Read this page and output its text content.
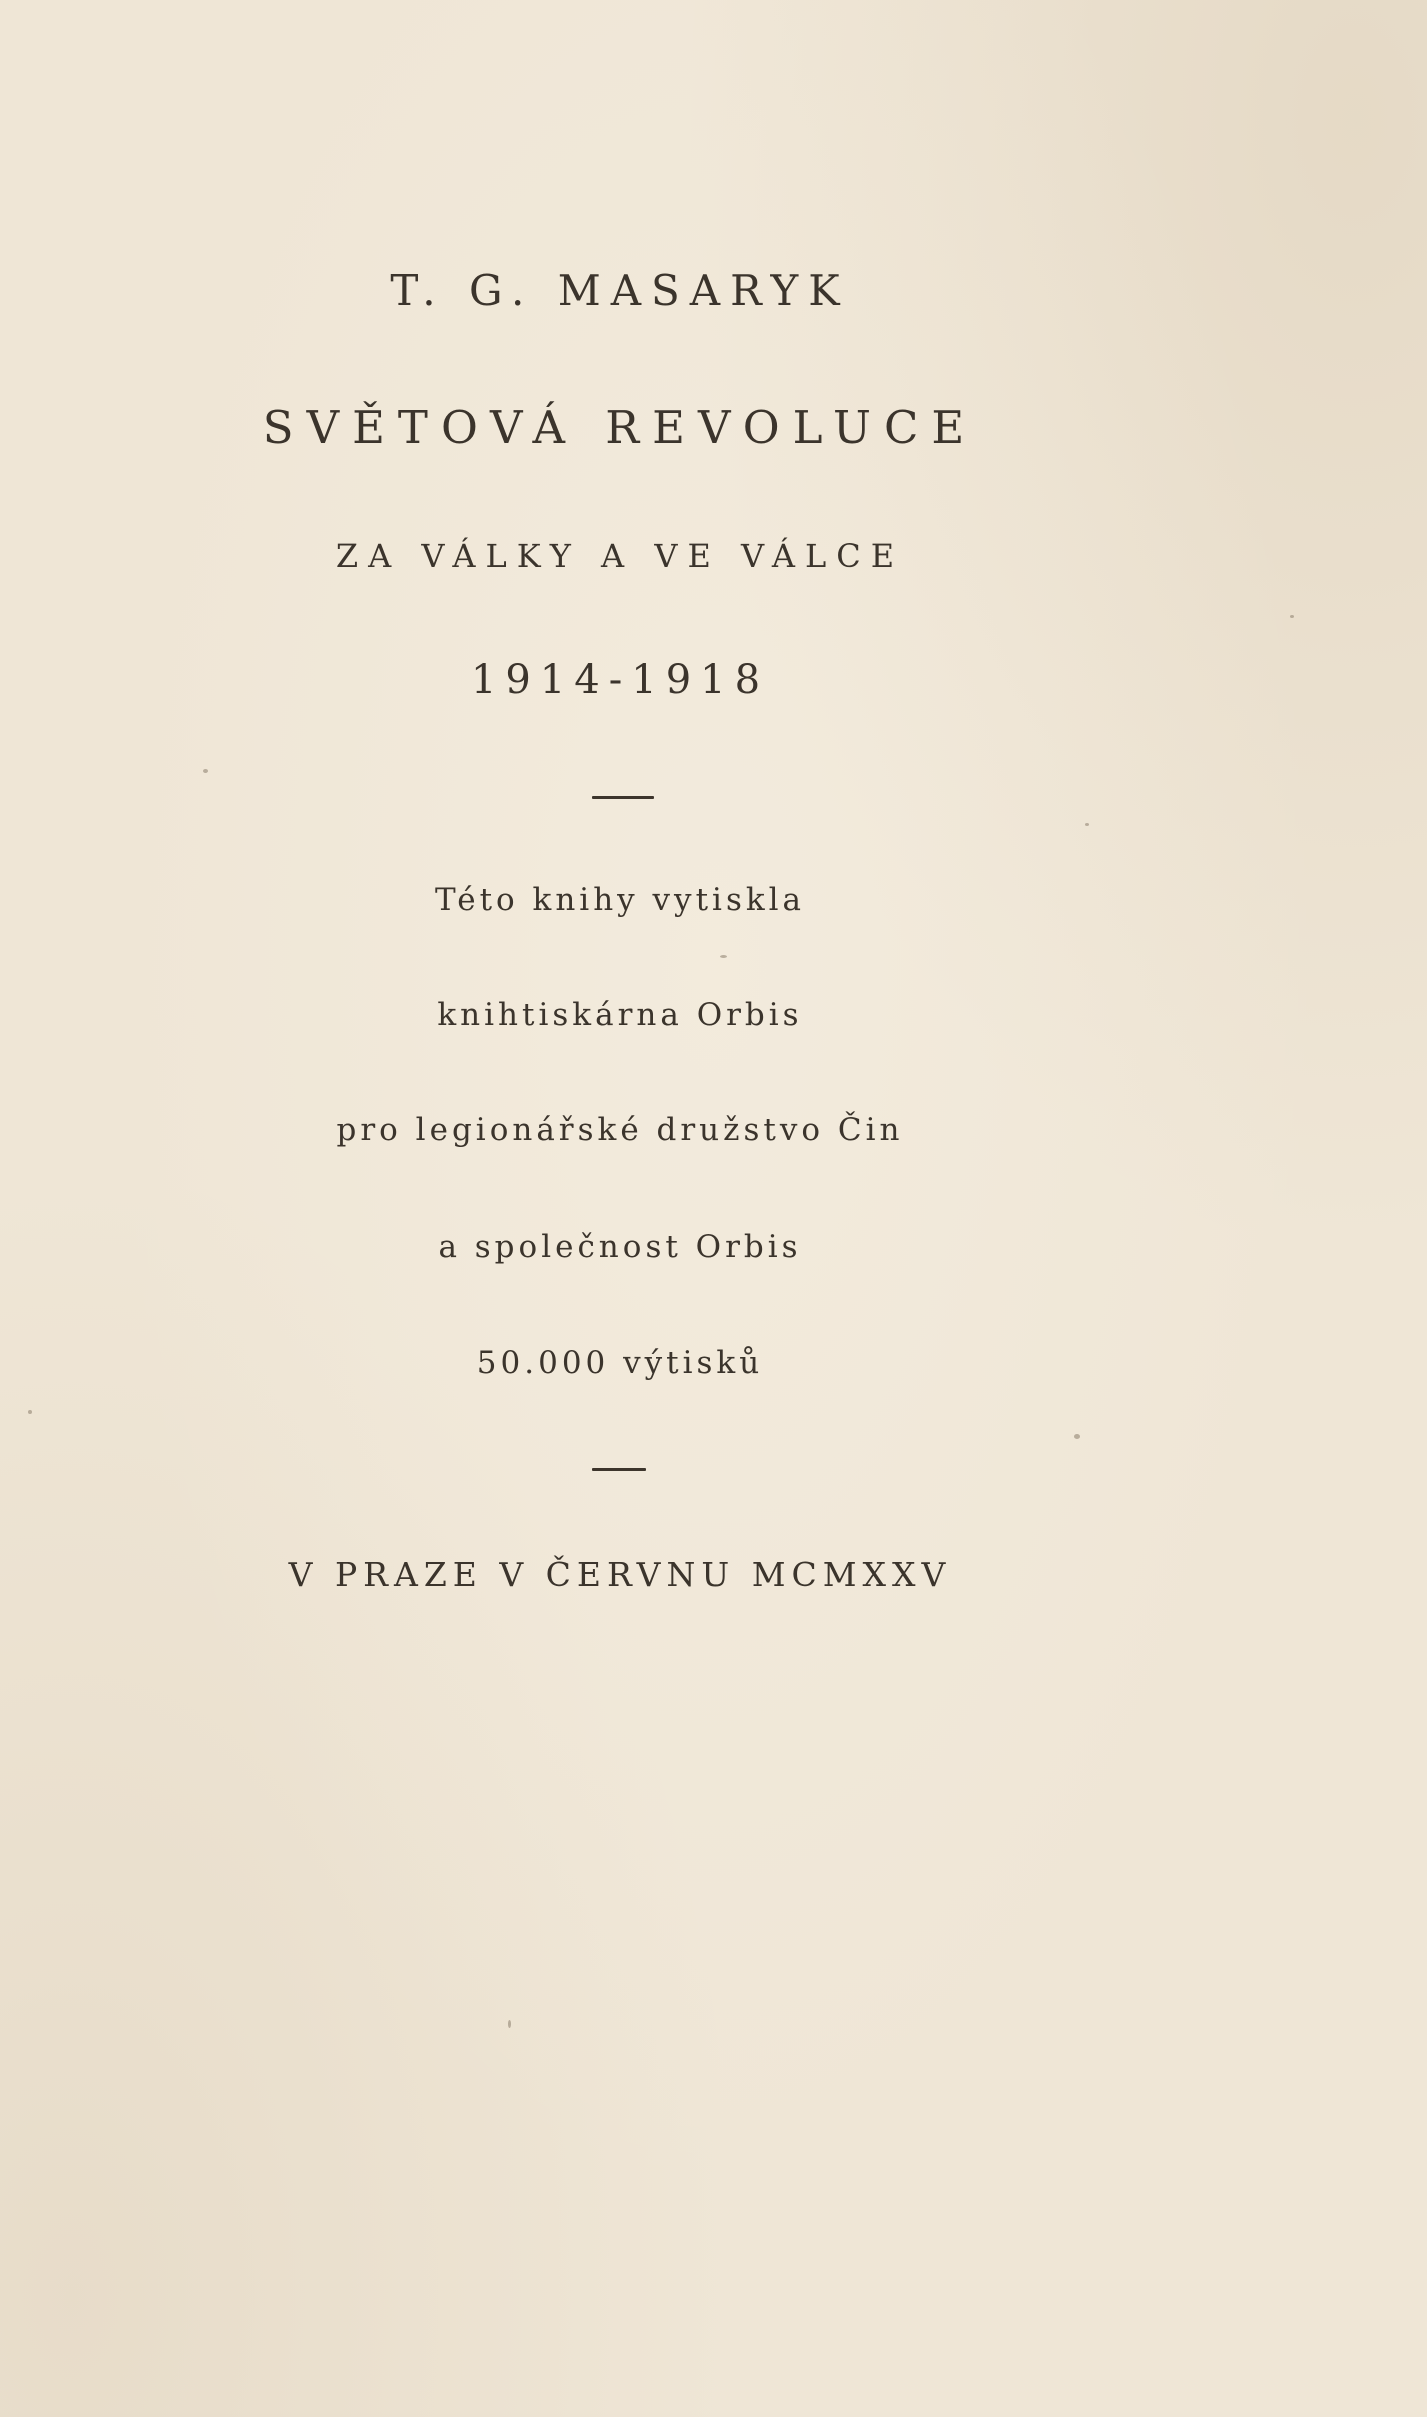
T. G. MASARYK
SVĚTOVÁ REVOLUCE
ZA VÁLKY A VE VÁLCE
1914-1918
Této knihy vytiskla
knihtiskárna Orbis
pro legionářské družstvo Čin
a společnost Orbis
50.000 výtisků
V PRAZE V ČERVNU MCMXXV
